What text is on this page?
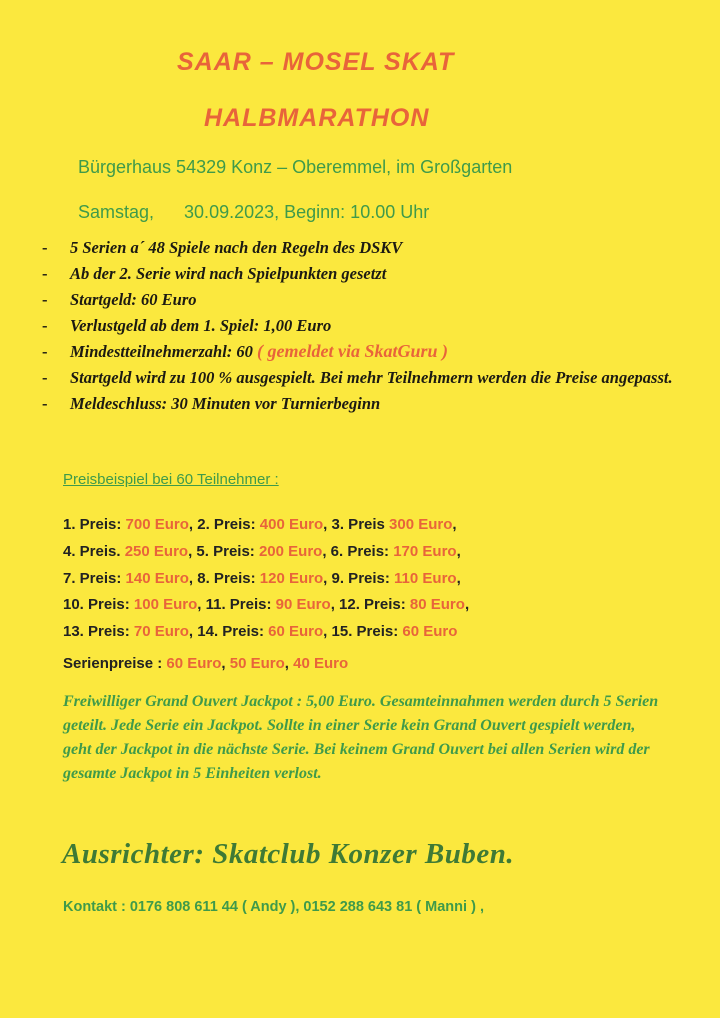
SAAR – MOSEL SKAT
HALBMARATHON
Bürgerhaus 54329 Konz – Oberemmel, im Großgarten
Samstag,      30.09.2023, Beginn: 10.00 Uhr
- 5 Serien a´ 48 Spiele nach den Regeln des DSKV
- Ab der 2. Serie wird nach Spielpunkten gesetzt
- Startgeld: 60 Euro
- Verlustgeld ab dem 1. Spiel: 1,00 Euro
- Mindestteilnehmerzahl: 60 ( gemeldet via SkatGuru )
- Startgeld wird zu 100 % ausgespielt. Bei mehr Teilnehmern werden die Preise angepasst.
- Meldeschluss: 30 Minuten vor Turnierbeginn
Preisbeispiel bei 60 Teilnehmer :
1. Preis: 700 Euro, 2. Preis: 400 Euro, 3. Preis 300 Euro,
4. Preis. 250 Euro, 5. Preis: 200 Euro, 6. Preis: 170 Euro,
7. Preis: 140 Euro, 8. Preis: 120 Euro, 9. Preis: 110 Euro,
10. Preis: 100 Euro, 11. Preis: 90 Euro, 12. Preis: 80 Euro,
13. Preis: 70 Euro, 14. Preis: 60 Euro, 15. Preis: 60 Euro
Serienpreise : 60 Euro, 50 Euro, 40 Euro
Freiwilliger Grand Ouvert Jackpot : 5,00 Euro. Gesamteinnahmen werden durch 5 Serien geteilt. Jede Serie ein Jackpot. Sollte in einer Serie kein Grand Ouvert gespielt werden, geht der Jackpot in die nächste Serie. Bei keinem Grand Ouvert bei allen Serien wird der gesamte Jackpot in 5 Einheiten verlost.
Ausrichter: Skatclub Konzer Buben.
Kontakt : 0176 808 611 44 ( Andy ), 0152 288 643 81 ( Manni ) ,
